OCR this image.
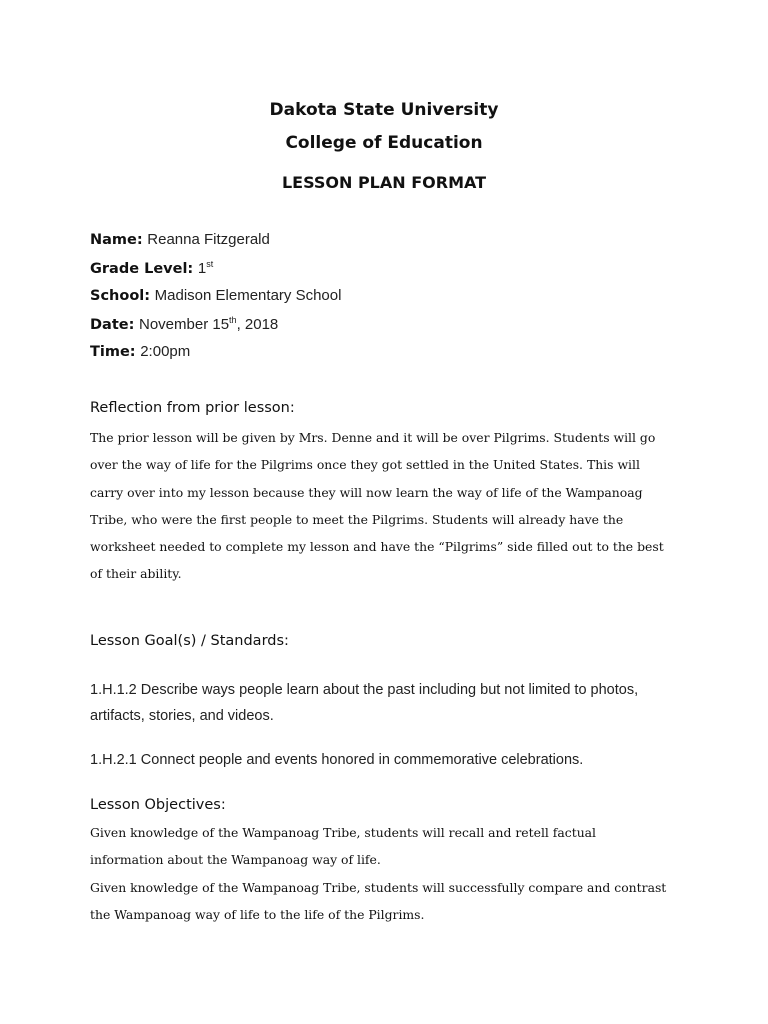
Dakota State University
College of Education
LESSON PLAN FORMAT
Name: Reanna Fitzgerald
Grade Level: 1st
School: Madison Elementary School
Date: November 15th, 2018
Time: 2:00pm
Reflection from prior lesson:
The prior lesson will be given by Mrs. Denne and it will be over Pilgrims. Students will go
over the way of life for the Pilgrims once they got settled in the United States. This will
carry over into my lesson because they will now learn the way of life of the Wampanoag
Tribe, who were the first people to meet the Pilgrims. Students will already have the
worksheet needed to complete my lesson and have the “Pilgrims” side filled out to the best
of their ability.
Lesson Goal(s) / Standards:
1.H.1.2 Describe ways people learn about the past including but not limited to photos,
artifacts, stories, and videos.
1.H.2.1 Connect people and events honored in commemorative celebrations.
Lesson Objectives:
Given knowledge of the Wampanoag Tribe, students will recall and retell factual
information about the Wampanoag way of life.
Given knowledge of the Wampanoag Tribe, students will successfully compare and contrast
the Wampanoag way of life to the life of the Pilgrims.
